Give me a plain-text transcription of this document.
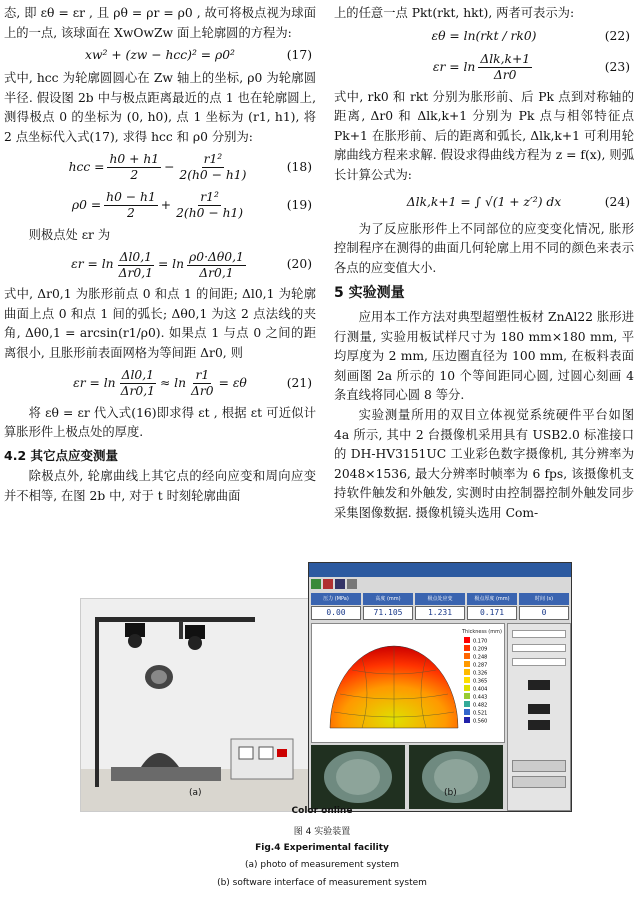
态, 即 εθ = εr , 且 ρθ = ρr = ρ0 , 故可将极点视为球面上的一点, 该球面在 XwOwZw 面上轮廓圆的方程为:

xw² + (zw − hcc)² = ρ0²	(17)

式中, hcc 为轮廓圆圆心在 Zw 轴上的坐标, ρ0 为轮廓圆半径. 假设图 2b 中与极点距离最近的点 1 也在轮廓圆上, 测得极点 0 的坐标为 (0, h0), 点 1 坐标为 (r1, h1), 将 2 点坐标代入式(17), 求得 hcc 和 ρ0 分别为:

hcc = $\frac{h0 + h1}{2} - \frac{\text{r1²}}{2(h0 - h1)}$	(18)
$\rho 0 = \frac{h0 - h1}{2} + \frac{\text{r1²}}{2(h0 - h1)}$	(19)

则极点处 εr 为

$\varepsilon r = \ln \frac{\Delta l0,1}{\Delta r0,1} = \ln \frac{\rho 0\cdot\Delta\theta 0,1}{\Delta r0,1}$	(20)

式中, Δr0,1 为胀形前点 0 和点 1 的间距; Δl0,1 为轮廓曲面上点 0 和点 1 间的弧长; Δθ0,1 为这 2 点法线的夹角, Δθ0,1 = arcsin(r1/ρ0). 如果点 1 与点 0 之间的距离很小, 且胀形前表面网格为等间距 Δr0, 则

$\varepsilon r = \ln \frac{\Delta l0,1}{\Delta r0,1} \approx \ln \frac{r1}{\Delta r0} = \varepsilon\theta$	(21)

将 εθ = εr 代入式(16)即求得 εt , 根据 εt 可近似计算胀形件上极点处的厚度.

4.2 其它点应变测量

除极点外, 轮廓曲线上其它点的经向应变和周向应变并不相等, 在图 2b 中, 对于 t 时刻轮廓曲面

上的任意一点 Pkt(rkt, hkt), 两者可表示为:

εθ = ln(rkt / rk0)	(22)
$\varepsilon r = \ln \frac{\text{Δlk,k+1}}{\Delta r0}$	(23)

式中, rk0 和 rkt 分别为胀形前、后 Pk 点到对称轴的距离, Δr0 和 Δlk,k+1 分别为 Pk 点与相邻特征点 Pk+1 在胀形前、后的距离和弧长, Δlk,k+1 可利用轮廓曲线方程来求解. 假设求得曲线方程为 z = f(x), 则弧长计算公式为:

Δlk,k+1 = ∫ √(1 + z′²) dx	(24)

为了反应胀形件上不同部位的应变变化情况, 胀形控制程序在测得的曲面几何轮廓上用不同的颜色来表示各点的应变值大小.

5 实验测量

应用本工作方法对典型超塑性板材 ZnAl22 胀形进行测量, 实验用板试样尺寸为 180 mm×180 mm, 平均厚度为 2 mm, 压边圈直径为 100 mm, 在板料表面刻画图 2a 所示的 10 个等间距同心圆, 过圆心刻画 4 条直线将同心圆 8 等分.

实验测量所用的双目立体视觉系统硬件平台如图 4a 所示, 其中 2 台摄像机采用具有 USB2.0 标准接口的 DH-HV3151UC 工业彩色数字摄像机, 其分辨率为 2048×1536, 最大分辨率时帧率为 6 fps, 该摄像机支持软件触发和外触发, 实测时由控制器控制外触发同步采集图像数据. 摄像机镜头选用 Com-

压力 (MPa)	高度 (mm)	极点处应变	极点厚度 (mm)	时间 (s)
0.00	71.105	1.231	0.171	0
Thickness (mm)
0.170
0.209
0.248
0.287
0.326
0.365
0.404
0.443
0.482
0.521
0.560
(a)	(b)
Color online
图 4 实验装置
Fig.4 Experimental facility
(a) photo of measurement system
(b) software interface of measurement system
